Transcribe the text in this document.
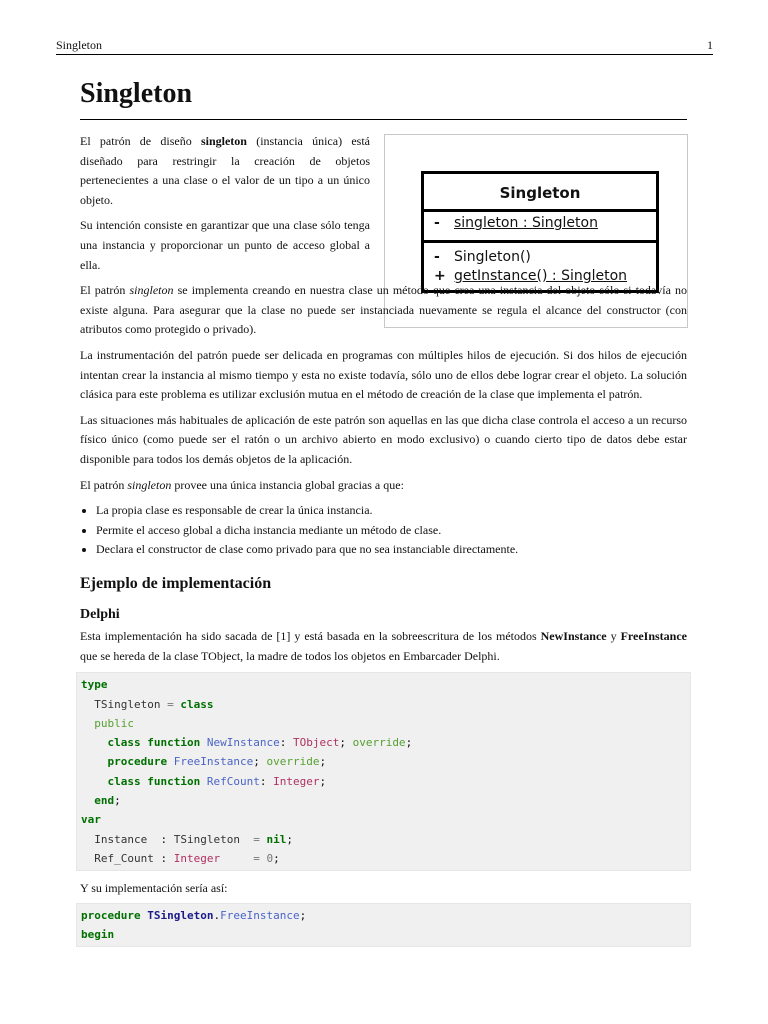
Singleton	1
Singleton
Singleton
- singleton : Singleton
- Singleton()
+ getInstance() : Singleton

El patrón de diseño singleton (instancia única) está diseñado para restringir la creación de objetos pertenecientes a una clase o el valor de un tipo a un único objeto.

Su intención consiste en garantizar que una clase sólo tenga una instancia y proporcionar un punto de acceso global a ella.

El patrón singleton se implementa creando en nuestra clase un método que crea una instancia del objeto sólo si todavía no existe alguna. Para asegurar que la clase no puede ser instanciada nuevamente se regula el alcance del constructor (con atributos como protegido o privado).

La instrumentación del patrón puede ser delicada en programas con múltiples hilos de ejecución. Si dos hilos de ejecución intentan crear la instancia al mismo tiempo y esta no existe todavía, sólo uno de ellos debe lograr crear el objeto. La solución clásica para este problema es utilizar exclusión mutua en el método de creación de la clase que implementa el patrón.

Las situaciones más habituales de aplicación de este patrón son aquellas en las que dicha clase controla el acceso a un recurso físico único (como puede ser el ratón o un archivo abierto en modo exclusivo) o cuando cierto tipo de datos debe estar disponible para todos los demás objetos de la aplicación.

El patrón singleton provee una única instancia global gracias a que:

• La propia clase es responsable de crear la única instancia.
• Permite el acceso global a dicha instancia mediante un método de clase.
• Declara el constructor de clase como privado para que no sea instanciable directamente.
Ejemplo de implementación
Delphi

Esta implementación ha sido sacada de [1] y está basada en la sobreescritura de los métodos NewInstance y FreeInstance que se hereda de la clase TObject, la madre de todos los objetos en Embarcader Delphi.

type
TSingleton = class
public
class function NewInstance: TObject; override;
procedure FreeInstance; override;
class function RefCount: Integer;
end;
var
Instance  : TSingleton = nil;
Ref_Count : Integer	= 0;

Y su implementación sería así:

procedure TSingleton.FreeInstance;
begin
